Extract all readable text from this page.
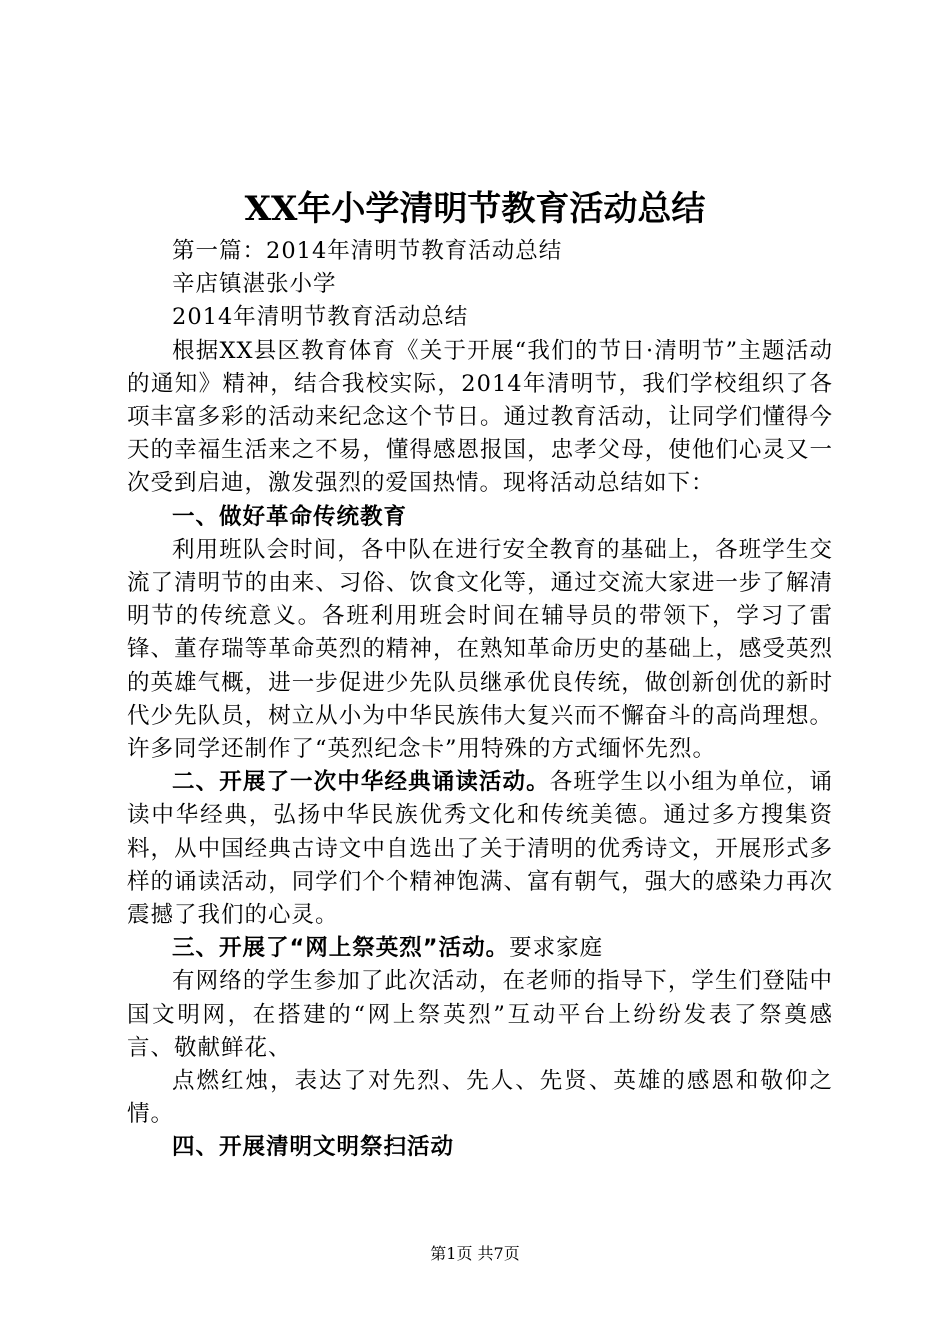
XX年小学清明节教育活动总结

第一篇：2014年清明节教育活动总结

辛店镇湛张小学

2014年清明节教育活动总结

根据XX县区教育体育《关于开展“我们的节日·清明节”主题活动的通知》精神，结合我校实际，2014年清明节，我们学校组织了各项丰富多彩的活动来纪念这个节日。通过教育活动，让同学们懂得今天的幸福生活来之不易，懂得感恩报国，忠孝父母，使他们心灵又一次受到启迪，激发强烈的爱国热情。现将活动总结如下：

一、做好革命传统教育

利用班队会时间，各中队在进行安全教育的基础上，各班学生交流了清明节的由来、习俗、饮食文化等，通过交流大家进一步了解清明节的传统意义。各班利用班会时间在辅导员的带领下，学习了雷锋、董存瑞等革命英烈的精神，在熟知革命历史的基础上，感受英烈的英雄气概，进一步促进少先队员继承优良传统，做创新创优的新时代少先队员，树立从小为中华民族伟大复兴而不懈奋斗的高尚理想。许多同学还制作了“英烈纪念卡”用特殊的方式缅怀先烈。

二、开展了一次中华经典诵读活动。各班学生以小组为单位，诵读中华经典，弘扬中华民族优秀文化和传统美德。通过多方搜集资料，从中国经典古诗文中自选出了关于清明的优秀诗文，开展形式多样的诵读活动，同学们个个精神饱满、富有朝气，强大的感染力再次震撼了我们的心灵。

三、开展了“网上祭英烈”活动。要求家庭

有网络的学生参加了此次活动，在老师的指导下，学生们登陆中国文明网，在搭建的“网上祭英烈”互动平台上纷纷发表了祭奠感言、敬献鲜花、

点燃红烛，表达了对先烈、先人、先贤、英雄的感恩和敬仰之情。

四、开展清明文明祭扫活动

第1页 共7页
